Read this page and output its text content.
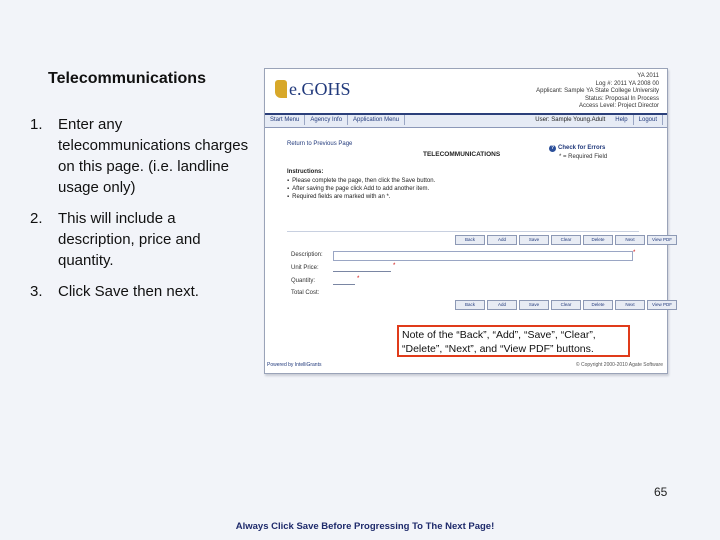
Telecommunications
1.	Enter any telecommunications charges on this page. (i.e. landline usage only)
2.	This will include a description, price and quantity.
3.	Click Save then next.
e.GOHS
YA 2011
Log #: 2011 YA 2008 00
Applicant: Sample YA State College University
Status: Proposal In Process
Access Level: Project Director
Start Menu Agency Info Application Menu	User: Sample Young.Adult Help Logout
Return to Previous Page
TELECOMMUNICATIONS
? Check for Errors
* = Required Field
Instructions:
▪ Please complete the page, then click the Save button.
▪ After saving the page click Add to add another item.
▪ Required fields are marked with an *.
Back	Add	Save	Clear	Delete	Next	View PDF
Description:	*
Unit Price:	*
Quantity:	*
Total Cost:
Back	Add	Save	Clear	Delete	Next	View PDF
Powered by IntelliGrants	© Copyright 2000-2010 Agate Software
Note of the “Back”, “Add”, “Save”, “Clear”, “Delete”, “Next”, and “View PDF” buttons.
65
Always Click Save Before Progressing To The Next Page!
